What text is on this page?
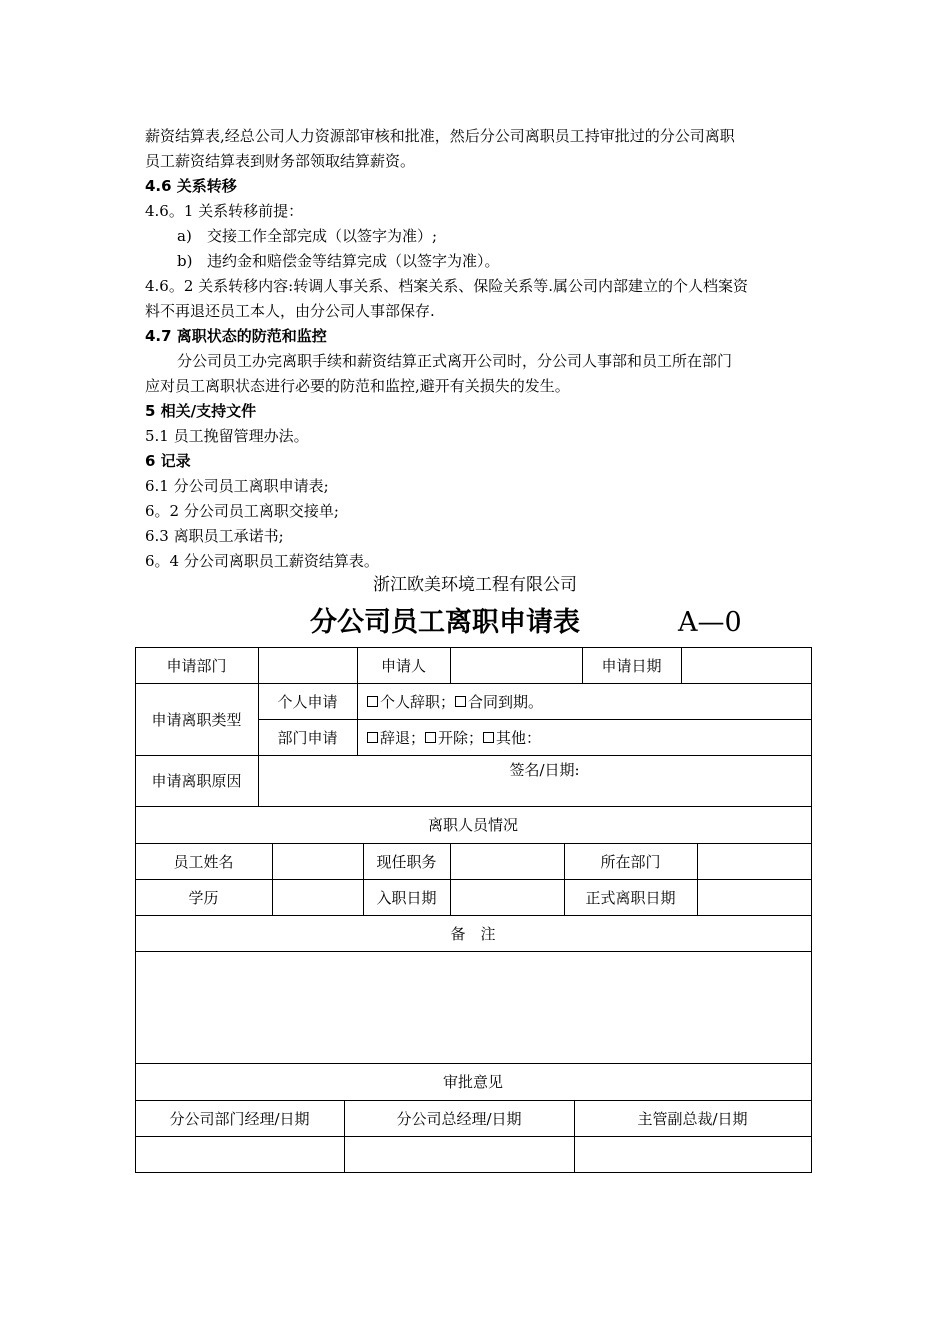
薪资结算表,经总公司人力资源部审核和批准，然后分公司离职员工持审批过的分公司离职
员工薪资结算表到财务部领取结算薪资。
4.6 关系转移
4.6。1 关系转移前提：
a) 交接工作全部完成（以签字为准）;
b) 违约金和赔偿金等结算完成（以签字为准）。
4.6。2 关系转移内容:转调人事关系、档案关系、保险关系等.属公司内部建立的个人档案资
料不再退还员工本人，由分公司人事部保存.
4.7 离职状态的防范和监控
分公司员工办完离职手续和薪资结算正式离开公司时，分公司人事部和员工所在部门
应对员工离职状态进行必要的防范和监控,避开有关损失的发生。
5 相关/支持文件
5.1 员工挽留管理办法。
6 记录
6.1 分公司员工离职申请表;
6。2 分公司员工离职交接单;
6.3 离职员工承诺书;
6。4 分公司离职员工薪资结算表。
浙江欧美环境工程有限公司
分公司员工离职申请表	A—0
申请部门	申请人	申请日期
申请离职类型
个人申请	个人辞职； 合同到期。
部门申请	辞退； 开除； 其他：
申请离职原因
签名/日期:
离职人员情况
员工姓名	现任职务	所在部门
学历	入职日期	正式离职日期
备　注
审批意见
分公司部门经理/日期	分公司总经理/日期	主管副总裁/日期
